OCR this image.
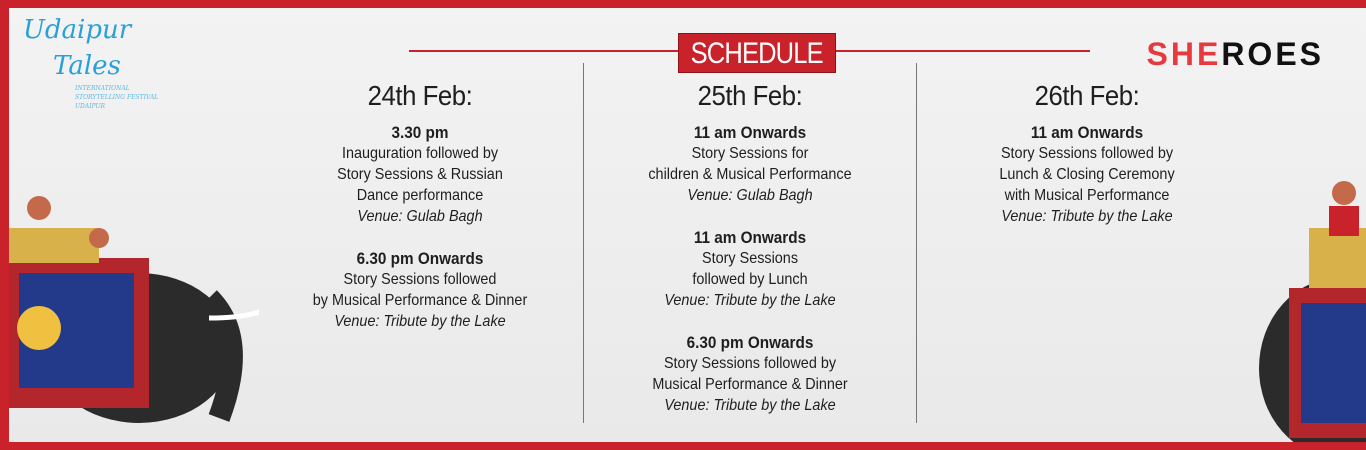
Udaipur
Tales
INTERNATIONAL
STORYTELLING FESTIVAL
UDAIPUR
SHEROES
SCHEDULE
24th Feb:
3.30 pm
Inauguration followed by
Story Sessions & Russian
Dance performance
Venue: Gulab Bagh
6.30 pm Onwards
Story Sessions followed
by Musical Performance & Dinner
Venue: Tribute by the Lake
25th Feb:
11 am Onwards
Story Sessions for
children & Musical Performance
Venue: Gulab Bagh
11 am Onwards
Story Sessions
followed by Lunch
Venue: Tribute by the Lake
6.30 pm Onwards
Story Sessions followed by
Musical Performance & Dinner
Venue: Tribute by the Lake
26th Feb:
11 am Onwards
Story Sessions followed by
Lunch & Closing Ceremony
with Musical Performance
Venue: Tribute by the Lake
